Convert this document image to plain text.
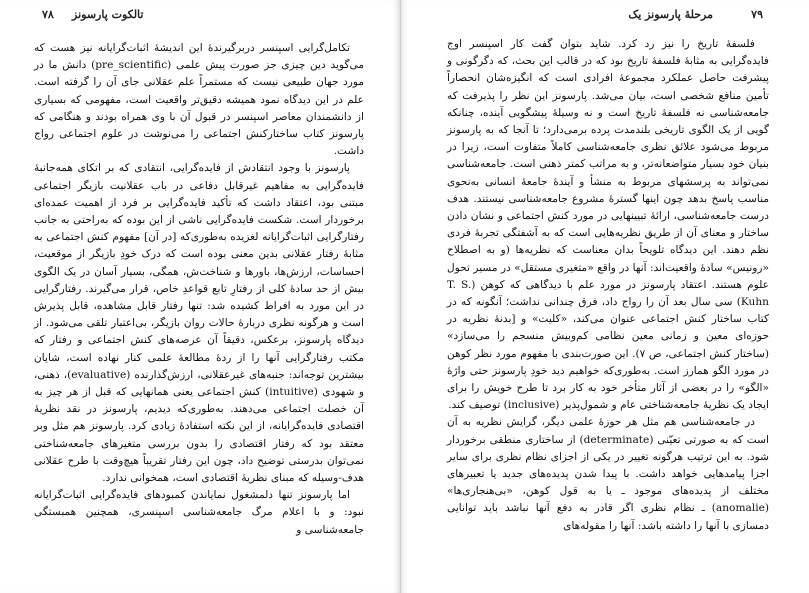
۷۸ تالکوت پارسونز

تکامل‌گرایی اسپنسر دربرگیرندهٔ این اندیشهٔ اثبات‌گرایانه نیز هست که می‌گوید دین چیزی جز صورت پیش علمی (pre_scientific) دانش ما در مورد جهان طبیعی نیست که مستمراً علم عقلانی جای آن را گرفته است. علم در این دیدگاه نمود همیشه دقیق‌تر واقعیت است، مفهومی که بسیاری از دانشمندان معاصر اسپنسر در قبول آن با وی همراه بودند و هنگامی که پارسونز کتاب ساختارکنش اجتماعی را می‌نوشت در علوم اجتماعی رواج داشت.

پارسونز با وجود انتقادش از فایده‌گرایی، انتقادی که بر اتکای همه‌جانبهٔ فایده‌گرایی به مفاهیم غیرقابل دفاعی در باب عقلانیت بازیگر اجتماعی مبتنی بود، اعتقاد داشت که تأکید فایده‌گرایی بر فرد از اهمیت عمده‌ای برخوردار است. شکست فایده‌گرایی ناشی از این بوده که به‌راحتی به جانب رفتارگرایی اثبات‌گرایانه لغزیده به‌طوری‌که [در آن] مفهوم کنش اجتماعی به مثابهٔ رفتار عقلانی بدین معنی بوده است که درک خودِ بازیگر از موقعیت، احساسات، ارزش‌ها، باورها و شناخت‌ش، همگی، بسیار آسان در یک الگوی بیش از حد سادهٔ کلی از رفتارِ تابع قواعدِ خاص، قرار می‌گیرند. رفتارگرایی در این مورد به افراط کشیده شد: تنها رفتار قابل مشاهده، قابل پذیرش است و هرگونه نظری دربارهٔ حالات روان بازیگر، بی‌اعتبار تلقی می‌شود. از دیدگاه پارسونز، برعکس، دقیقاً آن عرصه‌های کنش اجتماعی و رفتار که مکتب رفتارگرایی آنها را از ردهٔ مطالعهٔ علمی کنار نهاده است، شایان بیشترین توجه‌اند: جنبه‌های غیرعقلانی، ارزش‌گذارنده (evaluative)، ذهنی، و شهودی (intuitive) کنش اجتماعی یعنی همانهایی که قبل از هر چیز به آن خصلت اجتماعی می‌دهند. به‌طوری‌که دیدیم، پارسونز در نقد نظریهٔ اقتصادی فایده‌گرایانه، از این نکته استفادهٔ زیادی کرد. پارسونز هم مثل وبر معتقد بود که رفتار اقتصادی را بدون بررسی متغیرهای جامعه‌شناختی نمی‌توان بدرستی توضیح داد، چون این رفتار تقریباً هیچ‌وقت با طرح عقلانی هدف-وسیله که مبنای نظریهٔ اقتصادی است، همخوانی ندارد.

اما پارسونز تنها دلمشغول نمایاندن کمبودهای فایده‌گرایی اثبات‌گرایانه نبود: و با اعلام مرگ جامعه‌شناسی اسپنسری، همچنین همبستگی جامعه‌شناسی و

مرحلهٔ پارسونز یک	۷۹

فلسفهٔ تاریخ را نیز رد کرد. شاید بتوان گفت کار اسپنسر اوج فایده‌گرایی به مثابهٔ فلسفهٔ تاریخ بود که در قالب این بحث، که دگرگونی و پیشرفت حاصل عملکرد مجموعهٔ افرادی است که انگیزه‌شان انحصاراً تأمین منافع شخصی است، بیان می‌شد. پارسونز این نظر را پذیرفت که جامعه‌شناسی نه فلسفهٔ تاریخ است و نه وسیلهٔ پیشگویی آینده، چنانکه گویی از یک الگوی تاریخی بلندمدت پرده برمی‌دارد؛ تا آنجا که به پارسونز مربوط می‌شود علائق نظری جامعه‌شناسی کاملاً متفاوت است، زیرا در بنیان خود بسیار متواضعانه‌تر، و به مراتب کمتر ذهنی است. جامعه‌شناسی نمی‌تواند به پرسشهای مربوط به منشأ و آیندهٔ جامعهٔ انسانی به‌نحوی مناسب پاسخ بدهد چون اینها گسترهٔ مشروع جامعه‌شناسی نیستند. هدف درست جامعه‌شناسی، ارائهٔ تبیینهایی در مورد کنش اجتماعی و نشان دادن ساختار و معنای آن از طریق نظریه‌هایی است که به آشفتگی تجربهٔ فردی نظم دهند. این دیدگاه تلویحاً بدان معناست که نظریه‌ها (و به اصطلاح «رونیس» سادهٔ واقعیت‌اند: آنها در واقع «متغیری مستقل» در مسیر تحول علوم هستند. اعتقاد پارسونز در مورد علم با دیدگاهی که کوهن (T. S. Kuhn) سی سال بعد آن را رواج داد، فرق چندانی نداشت؛ آنگونه که در کتاب ساختار کنش اجتماعی عنوان می‌کند، «کلیت» و [بدنهٔ نظریه در حوزه‌ای معین و زمانی معین نظامی کم‌وبیش منسجم را می‌سازد» (ساختار کنش اجتماعی، ص ۷). این صورت‌بندی با مفهوم مورد نظر کوهن در مورد الگو همارز است. به‌طوری‌که خواهیم دید خودِ پارسونز حتی واژهٔ «الگو» را در بعضی از آثار متأخر خود به کار برد تا طرح خویش را برای ایجاد یک نظریهٔ جامعه‌شناختی عام و شمول‌پذیر (inclusive) توصیف کند.

در جامعه‌شناسی هم مثل هر حوزهٔ علمی دیگر، گرایش نظریه به آن است که به صورتی تعیّنی (determinate) از ساختاری منطقی برخوردار شود. به این ترتیب هرگونه تغییر در یکی از اجزای نظام نظری برای سایر اجزا پیامدهایی خواهد داشت. با پیدا شدن پدیده‌های جدید یا تعبیرهای مختلف از پدیده‌های موجود ـ یا به قول کوهن، «بی‌هنجاری‌ها» (anomalie) ـ نظام نظری اگر قادر به دفع آنها نباشد باید توانایی دمسازی با آنها را داشته باشد: آنها را مقوله‌های
